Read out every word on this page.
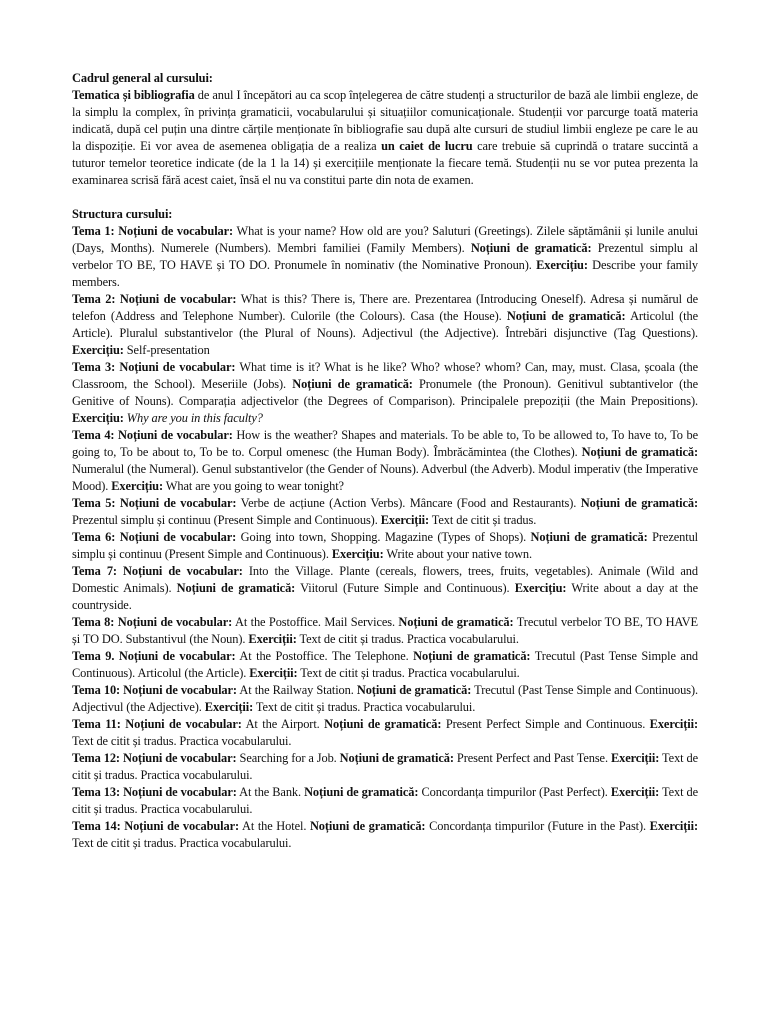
Cadrul general al cursului:

Tematica și bibliografia de anul I începători au ca scop înțelegerea de către studenți a structurilor de bază ale limbii engleze, de la simplu la complex, în privința gramaticii, vocabularului și situațiilor comunicaționale. Studenții vor parcurge toată materia indicată, după cel puțin una dintre cărțile menționate în bibliografie sau după alte cursuri de studiul limbii engleze pe care le au la dispoziție. Ei vor avea de asemenea obligația de a realiza un caiet de lucru care trebuie să cuprindă o tratare succintă a tuturor temelor teoretice indicate (de la 1 la 14) și exercițiile menționate la fiecare temă. Studenții nu se vor putea prezenta la examinarea scrisă fără acest caiet, însă el nu va constitui parte din nota de examen.

Structura cursului:

Tema 1: Noțiuni de vocabular: What is your name? How old are you? Saluturi (Greetings). Zilele săptămânii și lunile anului (Days, Months). Numerele (Numbers). Membri familiei (Family Members). Noțiuni de gramatică: Prezentul simplu al verbelor TO BE, TO HAVE și TO DO. Pronumele în nominativ (the Nominative Pronoun). Exercițiu: Describe your family members.

Tema 2: Noțiuni de vocabular: What is this? There is, There are. Prezentarea (Introducing Oneself). Adresa și numărul de telefon (Address and Telephone Number). Culorile (the Colours). Casa (the House). Noțiuni de gramatică: Articolul (the Article). Pluralul substantivelor (the Plural of Nouns). Adjectivul (the Adjective). Întrebări disjunctive (Tag Questions). Exercițiu: Self-presentation

Tema 3: Noțiuni de vocabular: What time is it? What is he like? Who? whose? whom? Can, may, must. Clasa, școala (the Classroom, the School). Meseriile (Jobs). Noțiuni de gramatică: Pronumele (the Pronoun). Genitivul subtantivelor (the Genitive of Nouns). Comparația adjectivelor (the Degrees of Comparison). Principalele prepoziții (the Main Prepositions). Exercițiu: Why are you in this faculty?

Tema 4: Noțiuni de vocabular: How is the weather? Shapes and materials. To be able to, To be allowed to, To have to, To be going to, To be about to, To be to. Corpul omenesc (the Human Body). Îmbrăcămintea (the Clothes). Noțiuni de gramatică: Numeralul (the Numeral). Genul substantivelor (the Gender of Nouns). Adverbul (the Adverb). Modul imperativ (the Imperative Mood). Exercițiu: What are you going to wear tonight?

Tema 5: Noțiuni de vocabular: Verbe de acțiune (Action Verbs). Mâncare (Food and Restaurants). Noțiuni de gramatică: Prezentul simplu și continuu (Present Simple and Continuous). Exerciții: Text de citit și tradus.

Tema 6: Noțiuni de vocabular: Going into town, Shopping. Magazine (Types of Shops). Noțiuni de gramatică: Prezentul simplu și continuu (Present Simple and Continuous). Exercițiu: Write about your native town.

Tema 7: Noțiuni de vocabular: Into the Village. Plante (cereals, flowers, trees, fruits, vegetables). Animale (Wild and Domestic Animals). Noțiuni de gramatică: Viitorul (Future Simple and Continuous). Exercițiu: Write about a day at the countryside.

Tema 8: Noțiuni de vocabular: At the Postoffice. Mail Services. Noțiuni de gramatică: Trecutul verbelor TO BE, TO HAVE și TO DO. Substantivul (the Noun). Exerciții: Text de citit și tradus. Practica vocabularului.

Tema 9. Noțiuni de vocabular: At the Postoffice. The Telephone. Noțiuni de gramatică: Trecutul (Past Tense Simple and Continuous). Articolul (the Article). Exerciții: Text de citit și tradus. Practica vocabularului.

Tema 10: Noțiuni de vocabular: At the Railway Station. Noțiuni de gramatică: Trecutul (Past Tense Simple and Continuous). Adjectivul (the Adjective). Exerciții: Text de citit și tradus. Practica vocabularului.

Tema 11: Noțiuni de vocabular: At the Airport. Noțiuni de gramatică: Present Perfect Simple and Continuous. Exerciții: Text de citit și tradus. Practica vocabularului.

Tema 12: Noțiuni de vocabular: Searching for a Job. Noțiuni de gramatică: Present Perfect and Past Tense. Exerciții: Text de citit și tradus. Practica vocabularului.

Tema 13: Noțiuni de vocabular: At the Bank. Noțiuni de gramatică: Concordanța timpurilor (Past Perfect). Exerciții: Text de citit și tradus. Practica vocabularului.

Tema 14: Noțiuni de vocabular: At the Hotel. Noțiuni de gramatică: Concordanța timpurilor (Future in the Past). Exerciții: Text de citit și tradus. Practica vocabularului.
